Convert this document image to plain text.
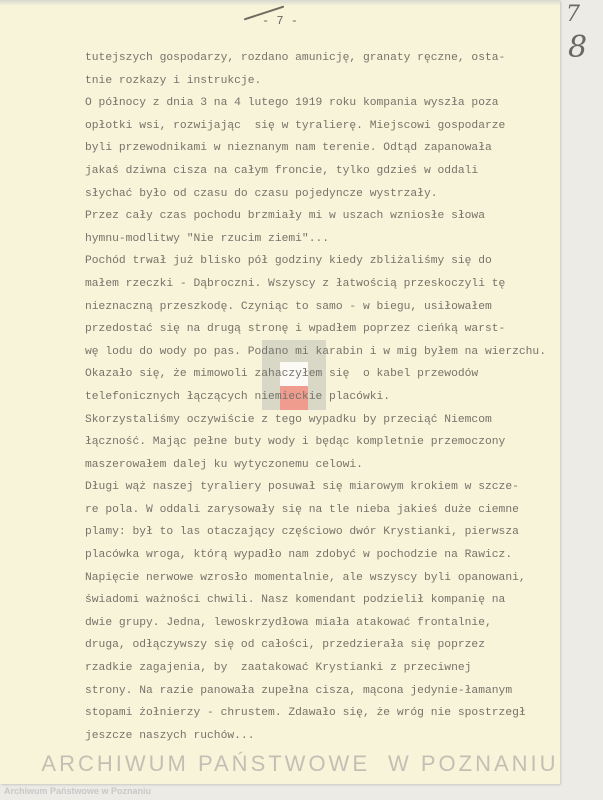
- 7 -
tutejszych gospodarzy, rozdano amunicję, granaty ręczne, osta-
tnie rozkazy i instrukcje.
O północy z dnia 3 na 4 lutego 1919 roku kompania wyszła poza
opłotki wsi, rozwijając  się w tyralierę. Miejscowi gospodarze
byli przewodnikami w nieznanym nam terenie. Odtąd zapanowała
jakaś dziwna cisza na całym froncie, tylko gdzieś w oddali
słychać było od czasu do czasu pojedyncze wystrzały.
Przez cały czas pochodu brzmiały mi w uszach wzniosłe słowa
hymnu-modlitwy "Nie rzucim ziemi"...
Pochód trwał już blisko pół godziny kiedy zbliżaliśmy się do
małem rzeczki - Dąbroczni. Wszyscy z łatwością przeskoczyli tę
nieznaczną przeszkodę. Czyniąc to samo - w biegu, usiłowałem
przedostać się na drugą stronę i wpadłem poprzez cieńką warst-
wę lodu do wody po pas. Podano mi karabin i w mig byłem na wierzchu.
Okazało się, że mimowoli zahaczyłem się  o kabel przewodów
telefonicznych łączących niemieckie placówki.
Skorzystaliśmy oczywiście z tego wypadku by przeciąć Niemcom
łączność. Mając pełne buty wody i będąc kompletnie przemoczony
maszerowałem dalej ku wytyczonemu celowi.
Długi wąż naszej tyraliery posuwał się miarowym krokiem w szcze-
re pola. W oddali zarysowały się na tle nieba jakieś duże ciemne
plamy: był to las otaczający częściowo dwór Krystianki, pierwsza
placówka wroga, którą wypadło nam zdobyć w pochodzie na Rawicz.
Napięcie nerwowe wzrosło momentalnie, ale wszyscy byli opanowani,
świadomi ważności chwili. Nasz komendant podzielił kompanię na
dwie grupy. Jedna, lewoskrzydłowa miała atakować frontalnie,
druga, odłączywszy się od całości, przedzierała się poprzez
rzadkie zagajenia, by  zaatakować Krystianki z przeciwnej
strony. Na razie panowała zupełna cisza, mącona jedynie-łamanym
stopami żołnierzy - chrustem. Zdawało się, że wróg nie spostrzegł
jeszcze naszych ruchów...
ARCHIWUM PAŃSTWOWE W POZNANIU
7
8
Archiwum Państwowe w Poznaniu
